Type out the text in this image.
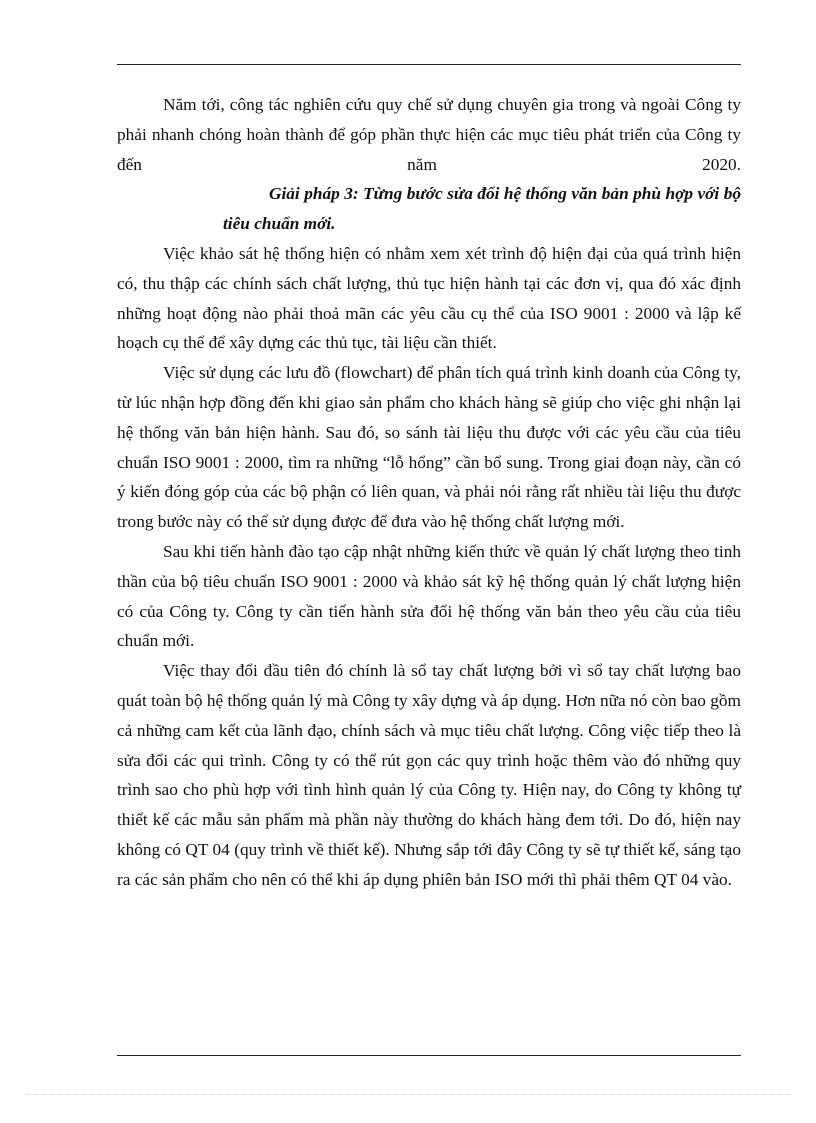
Năm tới, công tác nghiên cứu quy chế sử dụng chuyên gia trong và ngoài Công ty phải nhanh chóng hoàn thành để góp phần thực hiện các mục tiêu phát triển của Công ty đến năm 2020.

Giải pháp 3: Từng bước sửa đổi hệ thống văn bản phù hợp với bộ tiêu chuẩn mới.

Việc khảo sát hệ thống hiện có nhằm xem xét trình độ hiện đại của quá trình hiện có, thu thập các chính sách chất lượng, thủ tục hiện hành tại các đơn vị, qua đó xác định những hoạt động nào phải thoả mãn các yêu cầu cụ thể của ISO 9001 : 2000 và lập kế hoạch cụ thể để xây dựng các thủ tục, tài liệu cần thiết.

Việc sử dụng các lưu đồ (flowchart) để phân tích quá trình kinh doanh của Công ty, từ lúc nhận hợp đồng đến khi giao sản phẩm cho khách hàng sẽ giúp cho việc ghi nhận lại hệ thống văn bản hiện hành. Sau đó, so sánh tài liệu thu được với các yêu cầu của tiêu chuẩn ISO 9001 : 2000, tìm ra những “lỗ hổng” cần bổ sung. Trong giai đoạn này, cần có ý kiến đóng góp của các bộ phận có liên quan, và phải nói rằng rất nhiều tài liệu thu được trong bước này có thể sử dụng được để đưa vào hệ thống chất lượng mới.

Sau khi tiến hành đào tạo cập nhật những kiến thức về quản lý chất lượng theo tinh thần của bộ tiêu chuẩn ISO 9001 : 2000 và khảo sát kỹ hệ thống quản lý chất lượng hiện có của Công ty. Công ty cần tiến hành sửa đổi hệ thống văn bản theo yêu cầu của tiêu chuẩn mới.

Việc thay đổi đầu tiên đó chính là sổ tay chất lượng bởi vì sổ tay chất lượng bao quát toàn bộ hệ thống quản lý mà Công ty xây dựng và áp dụng. Hơn nữa nó còn bao gồm cả những cam kết của lãnh đạo, chính sách và mục tiêu chất lượng. Công việc tiếp theo là sửa đổi các qui trình. Công ty có thể rút gọn các quy trình hoặc thêm vào đó những quy trình sao cho phù hợp với tình hình quản lý của Công ty. Hiện nay, do Công ty không tự thiết kế các mẫu sản phẩm mà phần này thường do khách hàng đem tới. Do đó, hiện nay không có QT 04 (quy trình về thiết kế). Nhưng sắp tới đây Công ty sẽ tự thiết kế, sáng tạo ra các sản phẩm cho nên có thể khi áp dụng phiên bản ISO mới thì phải thêm QT 04 vào.
